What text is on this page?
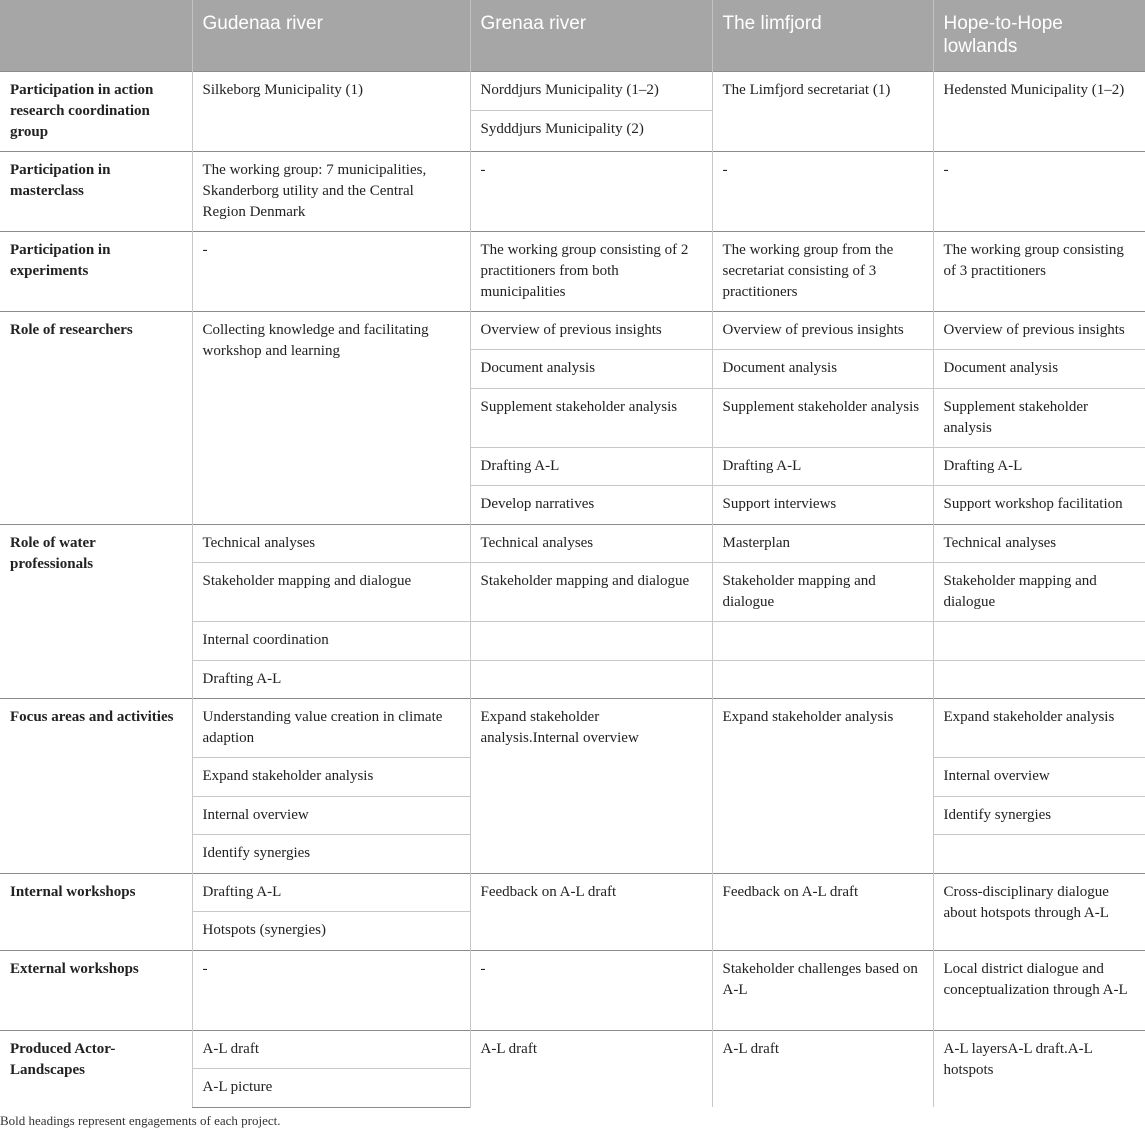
	Gudenaa river	Grenaa river	The limfjord	Hope-to-Hope lowlands
Participation in action research coordination group	Silkeborg Municipality (1)	Norddjurs Municipality (1–2)	The Limfjord secretariat (1)	Hedensted Municipality (1–2)
		Sydddjurs Municipality (2)		
Participation in masterclass	The working group: 7 municipalities, Skanderborg utility and the Central Region Denmark	-	-	-
Participation in experiments	-	The working group consisting of 2 practitioners from both municipalities	The working group from the secretariat consisting of 3 practitioners	The working group consisting of 3 practitioners
Role of researchers	Collecting knowledge and facilitating workshop and learning	Overview of previous insights	Overview of previous insights	Overview of previous insights
		Document analysis	Document analysis	Document analysis
		Supplement stakeholder analysis	Supplement stakeholder analysis	Supplement stakeholder analysis
		Drafting A-L	Drafting A-L	Drafting A-L
		Develop narratives	Support interviews	Support workshop facilitation
Role of water professionals	Technical analyses	Technical analyses	Masterplan	Technical analyses
	Stakeholder mapping and dialogue	Stakeholder mapping and dialogue	Stakeholder mapping and dialogue	Stakeholder mapping and dialogue
	Internal coordination			
	Drafting A-L			
Focus areas and activities	Understanding value creation in climate adaption	Expand stakeholder analysis.Internal overview	Expand stakeholder analysis	Expand stakeholder analysis
	Expand stakeholder analysis			Internal overview
	Internal overview			Identify synergies
	Identify synergies			
Internal workshops	Drafting A-L	Feedback on A-L draft	Feedback on A-L draft	Cross-disciplinary dialogue about hotspots through A-L
	Hotspots (synergies)			
External workshops	-	-	Stakeholder challenges based on A-L	Local district dialogue and conceptualization through A-L
Produced Actor-Landscapes	A-L draft	A-L draft	A-L draft	A-L layersA-L draft.A-L hotspots
	A-L picture			
Bold headings represent engagements of each project.
